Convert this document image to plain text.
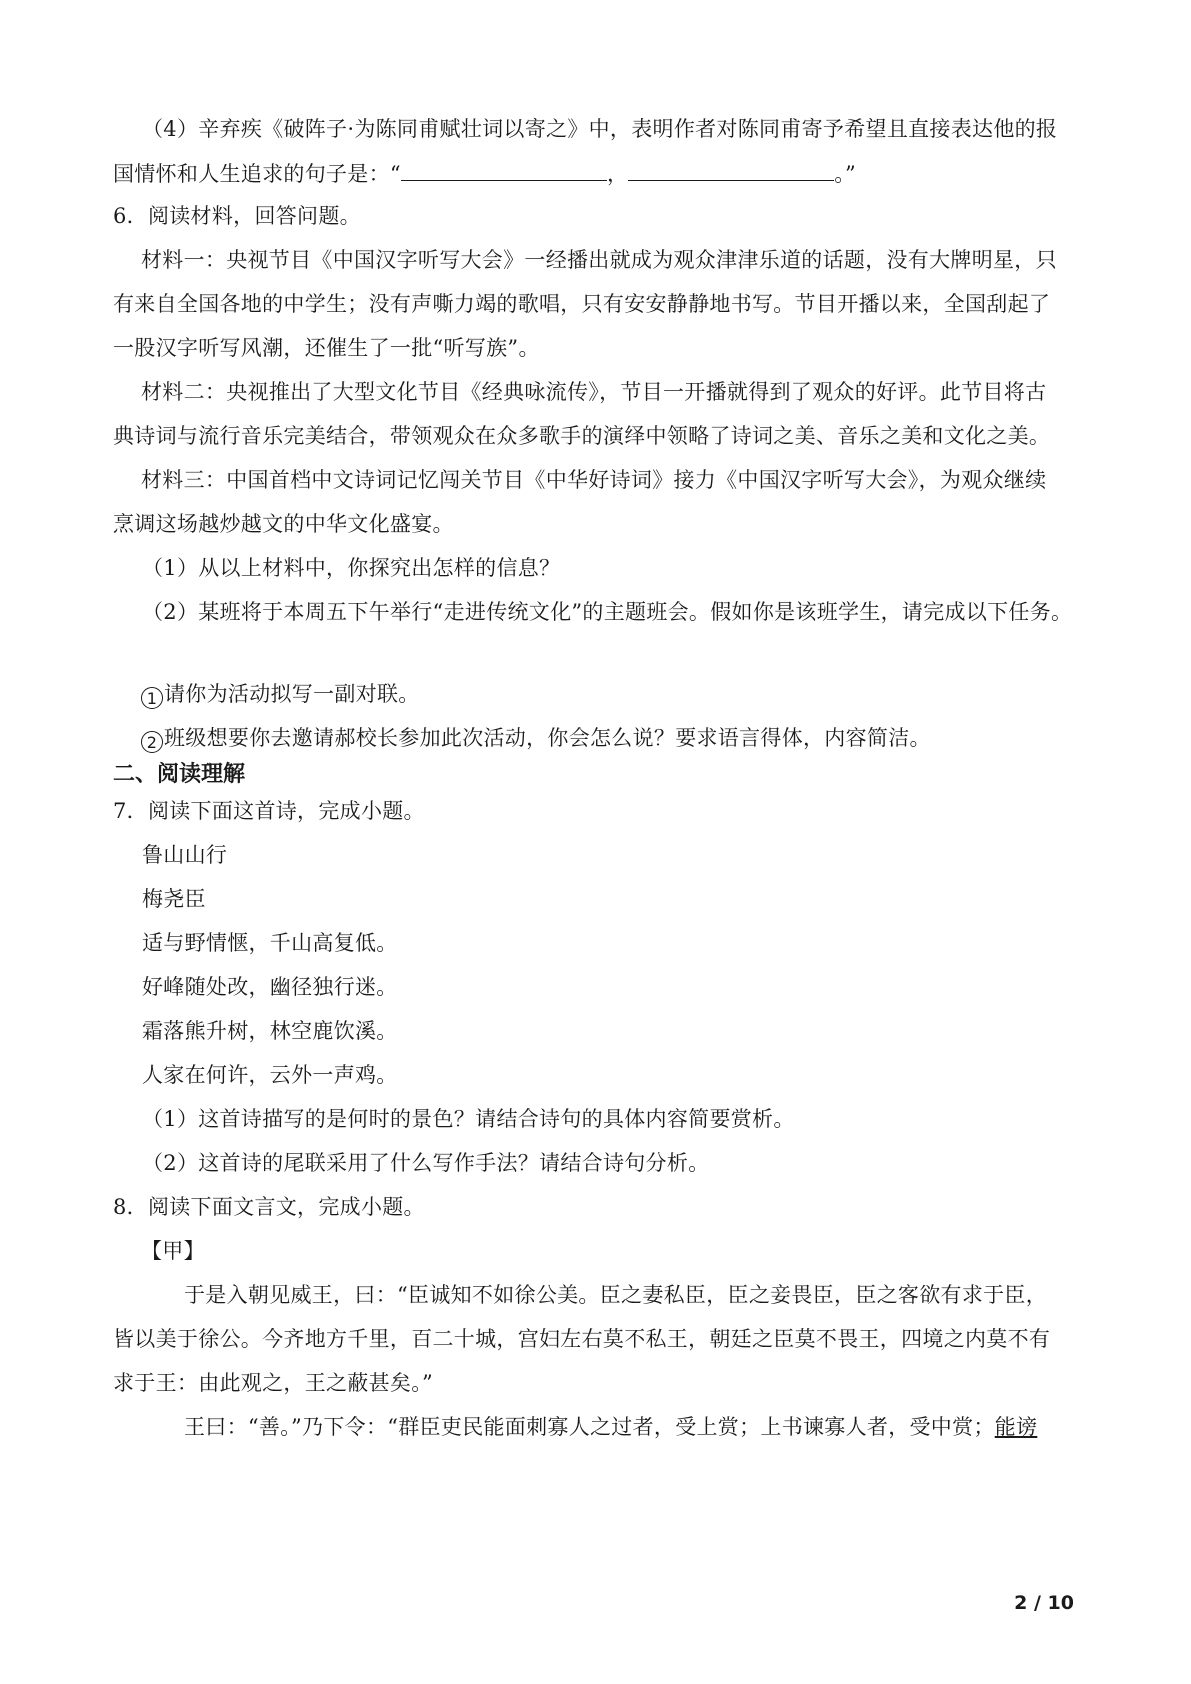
（4）辛弃疾《破阵子·为陈同甫赋壮词以寄之》中，表明作者对陈同甫寄予希望且直接表达他的报
国情怀和人生追求的句子是：“	，	。”
6．阅读材料，回答问题。
材料一：央视节目《中国汉字听写大会》一经播出就成为观众津津乐道的话题，没有大牌明星，只
有来自全国各地的中学生；没有声嘶力竭的歌唱，只有安安静静地书写。节目开播以来，全国刮起了
一股汉字听写风潮，还催生了一批“听写族”。
材料二：央视推出了大型文化节目《经典咏流传》，节目一开播就得到了观众的好评。此节目将古
典诗词与流行音乐完美结合，带领观众在众多歌手的演绎中领略了诗词之美、音乐之美和文化之美。
材料三：中国首档中文诗词记忆闯关节目《中华好诗词》接力《中国汉字听写大会》，为观众继续
烹调这场越炒越文的中华文化盛宴。
（1）从以上材料中，你探究出怎样的信息？
（2）某班将于本周五下午举行“走进传统文化”的主题班会。假如你是该班学生，请完成以下任务。
1 请你为活动拟写一副对联。
2 班级想要你去邀请郝校长参加此次活动，你会怎么说？要求语言得体，内容简洁。
二、阅读理解
7．阅读下面这首诗，完成小题。
鲁山山行
梅尧臣
适与野情惬，千山高复低。
好峰随处改，幽径独行迷。
霜落熊升树，林空鹿饮溪。
人家在何许，云外一声鸡。
（1）这首诗描写的是何时的景色？请结合诗句的具体内容简要赏析。
（2）这首诗的尾联采用了什么写作手法？请结合诗句分析。
8．阅读下面文言文，完成小题。
【甲】
于是入朝见威王，曰：“臣诚知不如徐公美。臣之妻私臣，臣之妾畏臣，臣之客欲有求于臣，
皆以美于徐公。今齐地方千里，百二十城，宫妇左右莫不私王，朝廷之臣莫不畏王，四境之内莫不有
求于王：由此观之，王之蔽甚矣。”
王曰：“善。”乃下令：“群臣吏民能面刺寡人之过者，受上赏；上书谏寡人者，受中赏；能谤
2 / 10
